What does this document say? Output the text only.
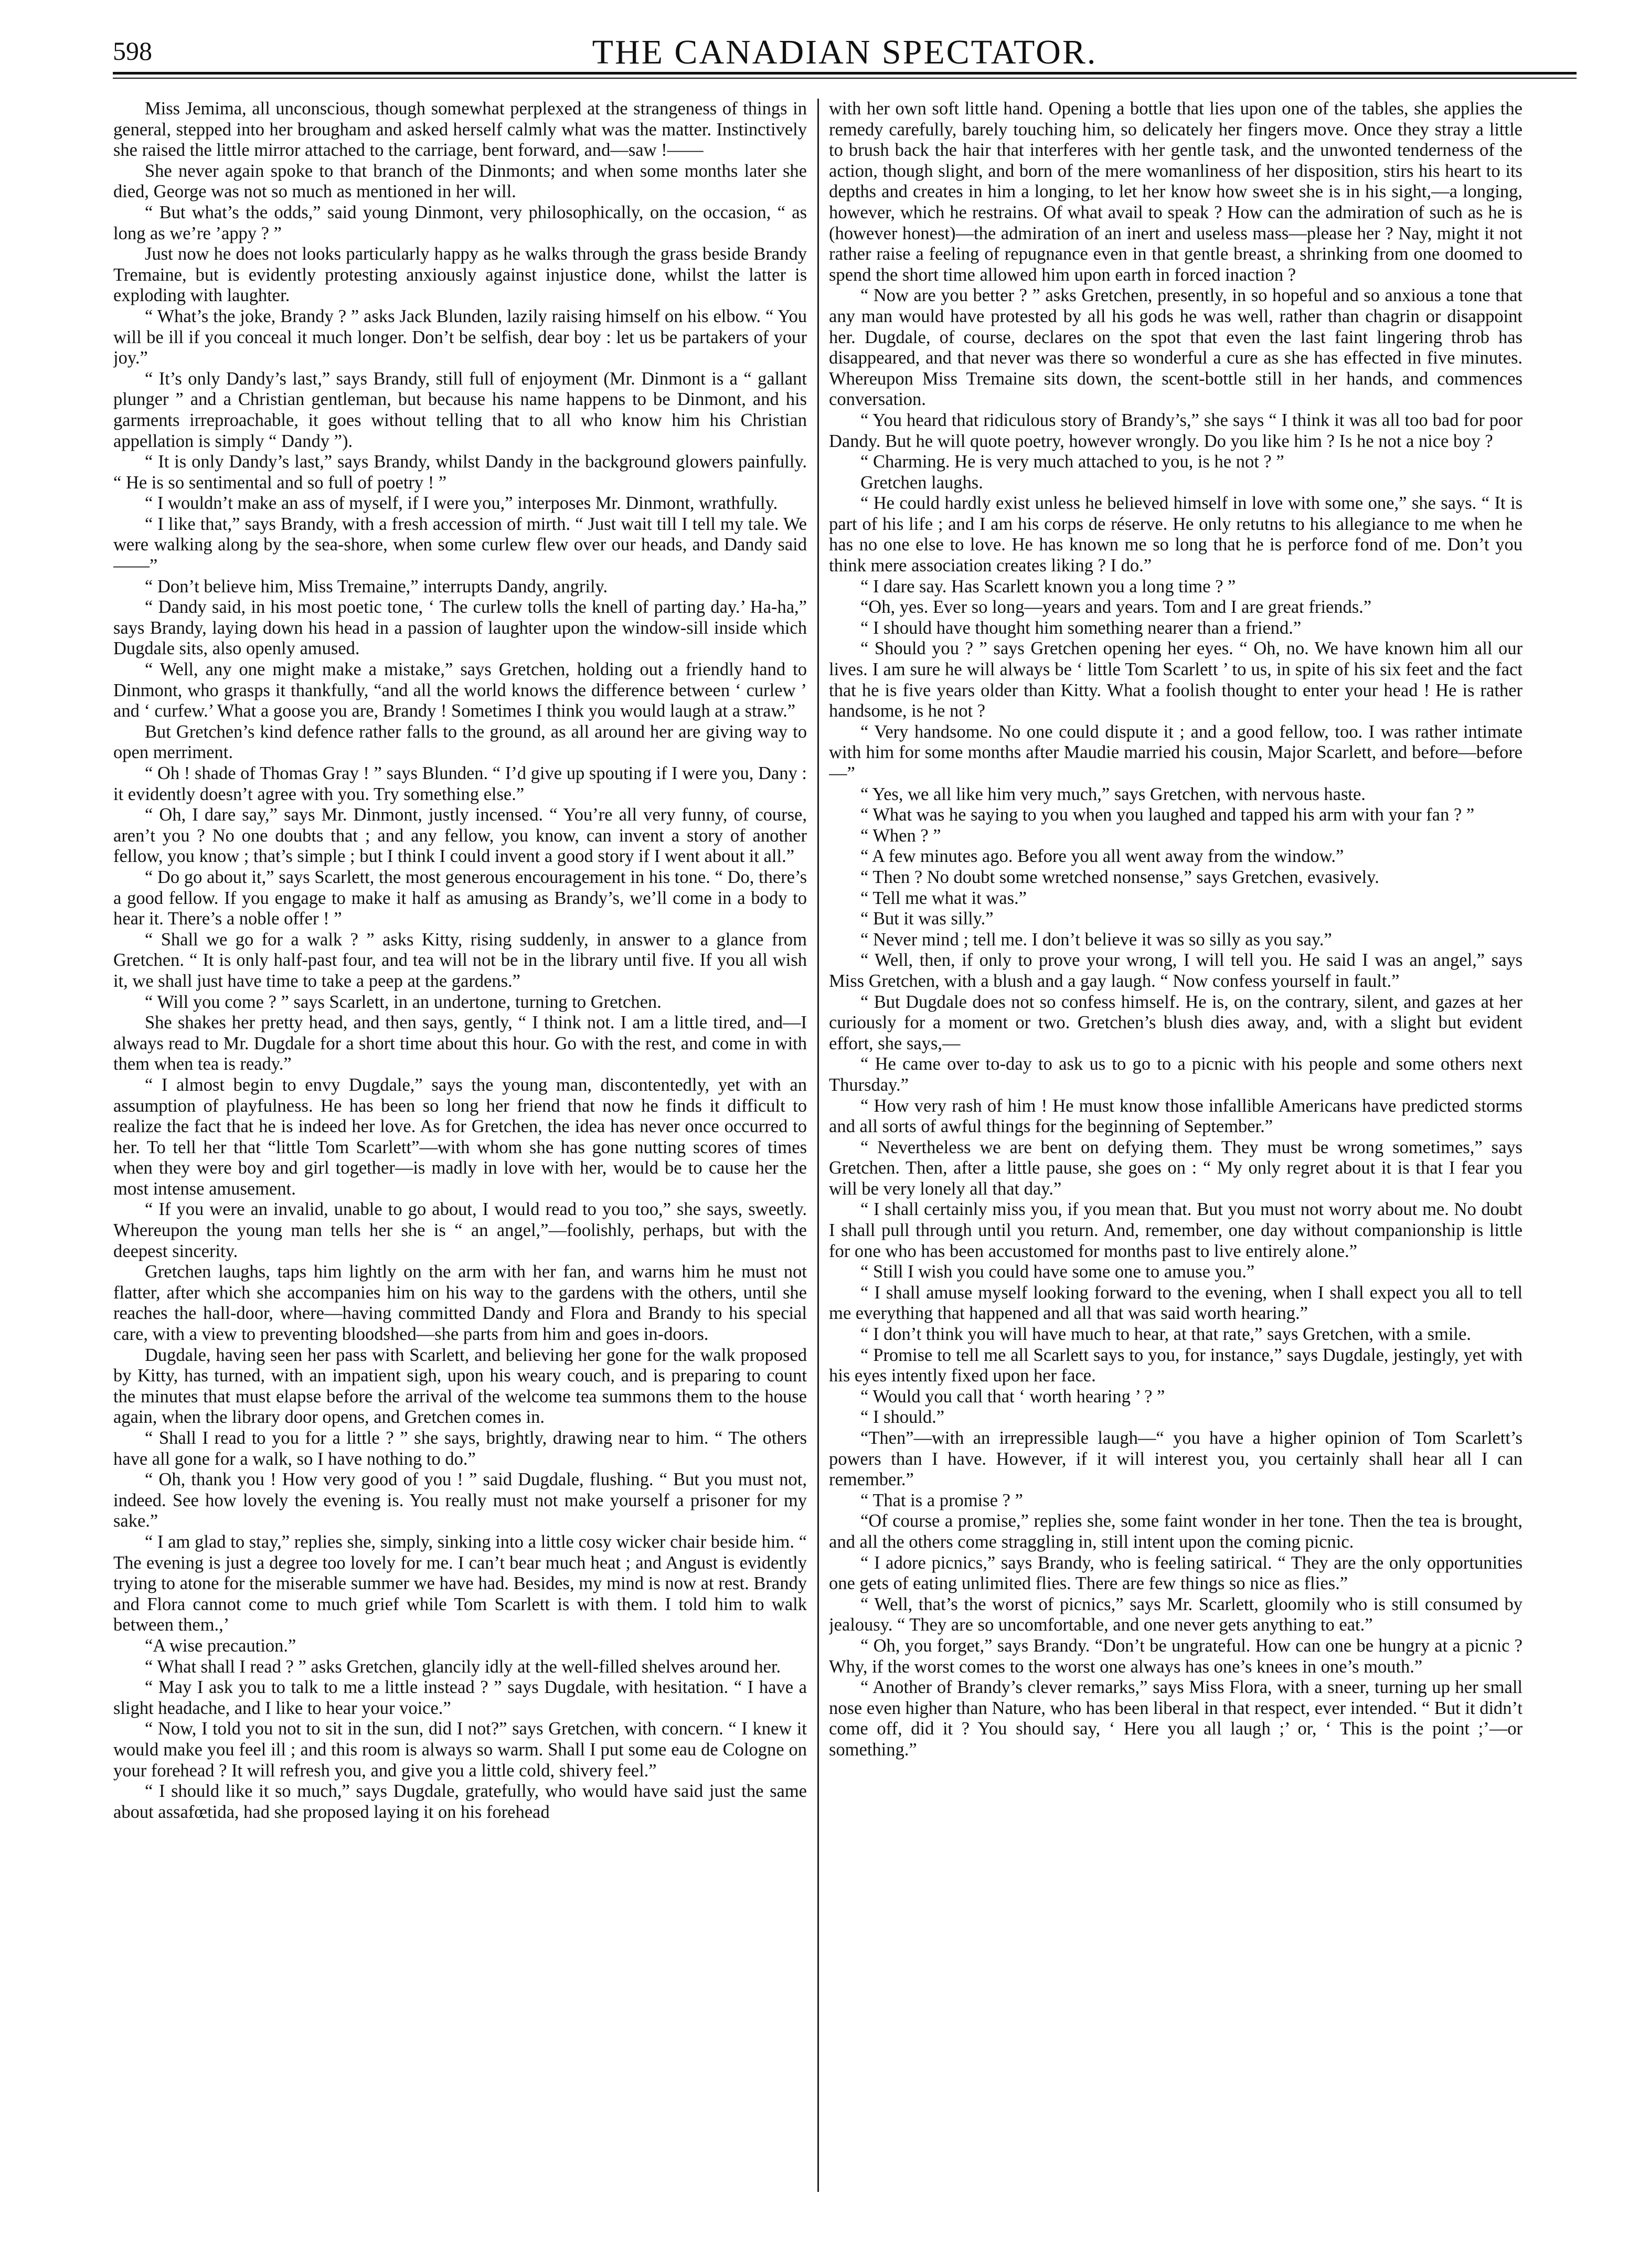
598	THE CANADIAN SPECTATOR.

Miss Jemima, all unconscious, though somewhat perplexed at the strangeness of things in general, stepped into her brougham and asked herself calmly what was the matter. Instinctively she raised the little mirror attached to the carriage, bent forward, and—saw !——

She never again spoke to that branch of the Dinmonts; and when some months later she died, George was not so much as mentioned in her will.

“ But what’s the odds,” said young Dinmont, very philosophically, on the occasion, “ as long as we’re ’appy ? ”

Just now he does not looks particularly happy as he walks through the grass beside Brandy Tremaine, but is evidently protesting anxiously against injustice done, whilst the latter is exploding with laughter.

“ What’s the joke, Brandy ? ” asks Jack Blunden, lazily raising himself on his elbow. “ You will be ill if you conceal it much longer. Don’t be selfish, dear boy : let us be partakers of your joy.”

“ It’s only Dandy’s last,” says Brandy, still full of enjoyment (Mr. Dinmont is a “ gallant plunger ” and a Christian gentleman, but because his name happens to be Dinmont, and his garments irreproachable, it goes without telling that to all who know him his Christian appellation is simply “ Dandy ”).

“ It is only Dandy’s last,” says Brandy, whilst Dandy in the background glowers painfully. “ He is so sentimental and so full of poetry ! ”

“ I wouldn’t make an ass of myself, if I were you,” interposes Mr. Dinmont, wrathfully.

“ I like that,” says Brandy, with a fresh accession of mirth. “ Just wait till I tell my tale. We were walking along by the sea-shore, when some curlew flew over our heads, and Dandy said——”

“ Don’t believe him, Miss Tremaine,” interrupts Dandy, angrily.

“ Dandy said, in his most poetic tone, ‘ The curlew tolls the knell of parting day.’ Ha-ha,” says Brandy, laying down his head in a passion of laughter upon the window-sill inside which Dugdale sits, also openly amused.

“ Well, any one might make a mistake,” says Gretchen, holding out a friendly hand to Dinmont, who grasps it thankfully, “and all the world knows the difference between ‘ curlew ’ and ‘ curfew.’ What a goose you are, Brandy ! Sometimes I think you would laugh at a straw.”

But Gretchen’s kind defence rather falls to the ground, as all around her are giving way to open merriment.

“ Oh ! shade of Thomas Gray ! ” says Blunden. “ I’d give up spouting if I were you, Dany : it evidently doesn’t agree with you. Try something else.”

“ Oh, I dare say,” says Mr. Dinmont, justly incensed. “ You’re all very funny, of course, aren’t you ? No one doubts that ; and any fellow, you know, can invent a story of another fellow, you know ; that’s simple ; but I think I could invent a good story if I went about it all.”

“ Do go about it,” says Scarlett, the most generous encouragement in his tone. “ Do, there’s a good fellow. If you engage to make it half as amusing as Brandy’s, we’ll come in a body to hear it. There’s a noble offer ! ”

“ Shall we go for a walk ? ” asks Kitty, rising suddenly, in answer to a glance from Gretchen. “ It is only half-past four, and tea will not be in the library until five. If you all wish it, we shall just have time to take a peep at the gardens.”

“ Will you come ? ” says Scarlett, in an undertone, turning to Gretchen.

She shakes her pretty head, and then says, gently, “ I think not. I am a little tired, and—I always read to Mr. Dugdale for a short time about this hour. Go with the rest, and come in with them when tea is ready.”

“ I almost begin to envy Dugdale,” says the young man, discontentedly, yet with an assumption of playfulness. He has been so long her friend that now he finds it difficult to realize the fact that he is indeed her love. As for Gretchen, the idea has never once occurred to her. To tell her that “little Tom Scarlett”—with whom she has gone nutting scores of times when they were boy and girl together—is madly in love with her, would be to cause her the most intense amusement.

“ If you were an invalid, unable to go about, I would read to you too,” she says, sweetly. Whereupon the young man tells her she is “ an angel,”—foolishly, perhaps, but with the deepest sincerity.

Gretchen laughs, taps him lightly on the arm with her fan, and warns him he must not flatter, after which she accompanies him on his way to the gardens with the others, until she reaches the hall-door, where—having committed Dandy and Flora and Brandy to his special care, with a view to preventing bloodshed—she parts from him and goes in-doors.

Dugdale, having seen her pass with Scarlett, and believing her gone for the walk proposed by Kitty, has turned, with an impatient sigh, upon his weary couch, and is preparing to count the minutes that must elapse before the arrival of the welcome tea summons them to the house again, when the library door opens, and Gretchen comes in.

“ Shall I read to you for a little ? ” she says, brightly, drawing near to him. “ The others have all gone for a walk, so I have nothing to do.”

“ Oh, thank you ! How very good of you ! ” said Dugdale, flushing. “ But you must not, indeed. See how lovely the evening is. You really must not make yourself a prisoner for my sake.”

“ I am glad to stay,” replies she, simply, sinking into a little cosy wicker chair beside him. “ The evening is just a degree too lovely for me. I can’t bear much heat ; and Angust is evidently trying to atone for the miserable summer we have had. Besides, my mind is now at rest. Brandy and Flora cannot come to much grief while Tom Scarlett is with them. I told him to walk between them.,’

“A wise precaution.”

“ What shall I read ? ” asks Gretchen, glancily idly at the well-filled shelves around her.

“ May I ask you to talk to me a little instead ? ” says Dugdale, with hesitation. “ I have a slight headache, and I like to hear your voice.”

“ Now, I told you not to sit in the sun, did I not?” says Gretchen, with concern. “ I knew it would make you feel ill ; and this room is always so warm. Shall I put some eau de Cologne on your forehead ? It will refresh you, and give you a little cold, shivery feel.”

“ I should like it so much,” says Dugdale, gratefully, who would have said just the same about assafœtida, had she proposed laying it on his forehead

with her own soft little hand. Opening a bottle that lies upon one of the tables, she applies the remedy carefully, barely touching him, so delicately her fingers move. Once they stray a little to brush back the hair that interferes with her gentle task, and the unwonted tenderness of the action, though slight, and born of the mere womanliness of her disposition, stirs his heart to its depths and creates in him a longing, to let her know how sweet she is in his sight,—a longing, however, which he restrains. Of what avail to speak ? How can the admiration of such as he is (however honest)—the admiration of an inert and useless mass—please her ? Nay, might it not rather raise a feeling of repugnance even in that gentle breast, a shrinking from one doomed to spend the short time allowed him upon earth in forced inaction ?

“ Now are you better ? ” asks Gretchen, presently, in so hopeful and so anxious a tone that any man would have protested by all his gods he was well, rather than chagrin or disappoint her. Dugdale, of course, declares on the spot that even the last faint lingering throb has disappeared, and that never was there so wonderful a cure as she has effected in five minutes. Whereupon Miss Tremaine sits down, the scent-bottle still in her hands, and commences conversation.

“ You heard that ridiculous story of Brandy’s,” she says “ I think it was all too bad for poor Dandy. But he will quote poetry, however wrongly. Do you like him ? Is he not a nice boy ?

“ Charming. He is very much attached to you, is he not ? ”

Gretchen laughs.

“ He could hardly exist unless he believed himself in love with some one,” she says. “ It is part of his life ; and I am his corps de réserve. He only retutns to his allegiance to me when he has no one else to love. He has known me so long that he is perforce fond of me. Don’t you think mere association creates liking ? I do.”

“ I dare say. Has Scarlett known you a long time ? ”

“Oh, yes. Ever so long—years and years. Tom and I are great friends.”

“ I should have thought him something nearer than a friend.”

“ Should you ? ” says Gretchen opening her eyes. “ Oh, no. We have known him all our lives. I am sure he will always be ‘ little Tom Scarlett ’ to us, in spite of his six feet and the fact that he is five years older than Kitty. What a foolish thought to enter your head ! He is rather handsome, is he not ?

“ Very handsome. No one could dispute it ; and a good fellow, too. I was rather intimate with him for some months after Maudie married his cousin, Major Scarlett, and before—before—”

“ Yes, we all like him very much,” says Gretchen, with nervous haste.

“ What was he saying to you when you laughed and tapped his arm with your fan ? ”

“ When ? ”

“ A few minutes ago. Before you all went away from the window.”

“ Then ? No doubt some wretched nonsense,” says Gretchen, evasively.

“ Tell me what it was.”

“ But it was silly.”

“ Never mind ; tell me. I don’t believe it was so silly as you say.”

“ Well, then, if only to prove your wrong, I will tell you. He said I was an angel,” says Miss Gretchen, with a blush and a gay laugh. “ Now confess yourself in fault.”

“ But Dugdale does not so confess himself. He is, on the contrary, silent, and gazes at her curiously for a moment or two. Gretchen’s blush dies away, and, with a slight but evident effort, she says,—

“ He came over to-day to ask us to go to a picnic with his people and some others next Thursday.”

“ How very rash of him ! He must know those infallible Americans have predicted storms and all sorts of awful things for the beginning of September.”

“ Nevertheless we are bent on defying them. They must be wrong sometimes,” says Gretchen. Then, after a little pause, she goes on : “ My only regret about it is that I fear you will be very lonely all that day.”

“ I shall certainly miss you, if you mean that. But you must not worry about me. No doubt I shall pull through until you return. And, remember, one day without companionship is little for one who has been accustomed for months past to live entirely alone.”

“ Still I wish you could have some one to amuse you.”

“ I shall amuse myself looking forward to the evening, when I shall expect you all to tell me everything that happened and all that was said worth hearing.”

“ I don’t think you will have much to hear, at that rate,” says Gretchen, with a smile.

“ Promise to tell me all Scarlett says to you, for instance,” says Dugdale, jestingly, yet with his eyes intently fixed upon her face.

“ Would you call that ‘ worth hearing ’ ? ”

“ I should.”

“Then”—with an irrepressible laugh—“ you have a higher opinion of Tom Scarlett’s powers than I have. However, if it will interest you, you certainly shall hear all I can remember.”

“ That is a promise ? ”

“Of course a promise,” replies she, some faint wonder in her tone. Then the tea is brought, and all the others come straggling in, still intent upon the coming picnic.

“ I adore picnics,” says Brandy, who is feeling satirical. “ They are the only opportunities one gets of eating unlimited flies. There are few things so nice as flies.”

“ Well, that’s the worst of picnics,” says Mr. Scarlett, gloomily who is still consumed by jealousy. “ They are so uncomfortable, and one never gets anything to eat.”

“ Oh, you forget,” says Brandy. “Don’t be ungrateful. How can one be hungry at a picnic ? Why, if the worst comes to the worst one always has one’s knees in one’s mouth.”

“ Another of Brandy’s clever remarks,” says Miss Flora, with a sneer, turning up her small nose even higher than Nature, who has been liberal in that respect, ever intended. “ But it didn’t come off, did it ? You should say, ‘ Here you all laugh ;’ or, ‘ This is the point ;’—or something.”
